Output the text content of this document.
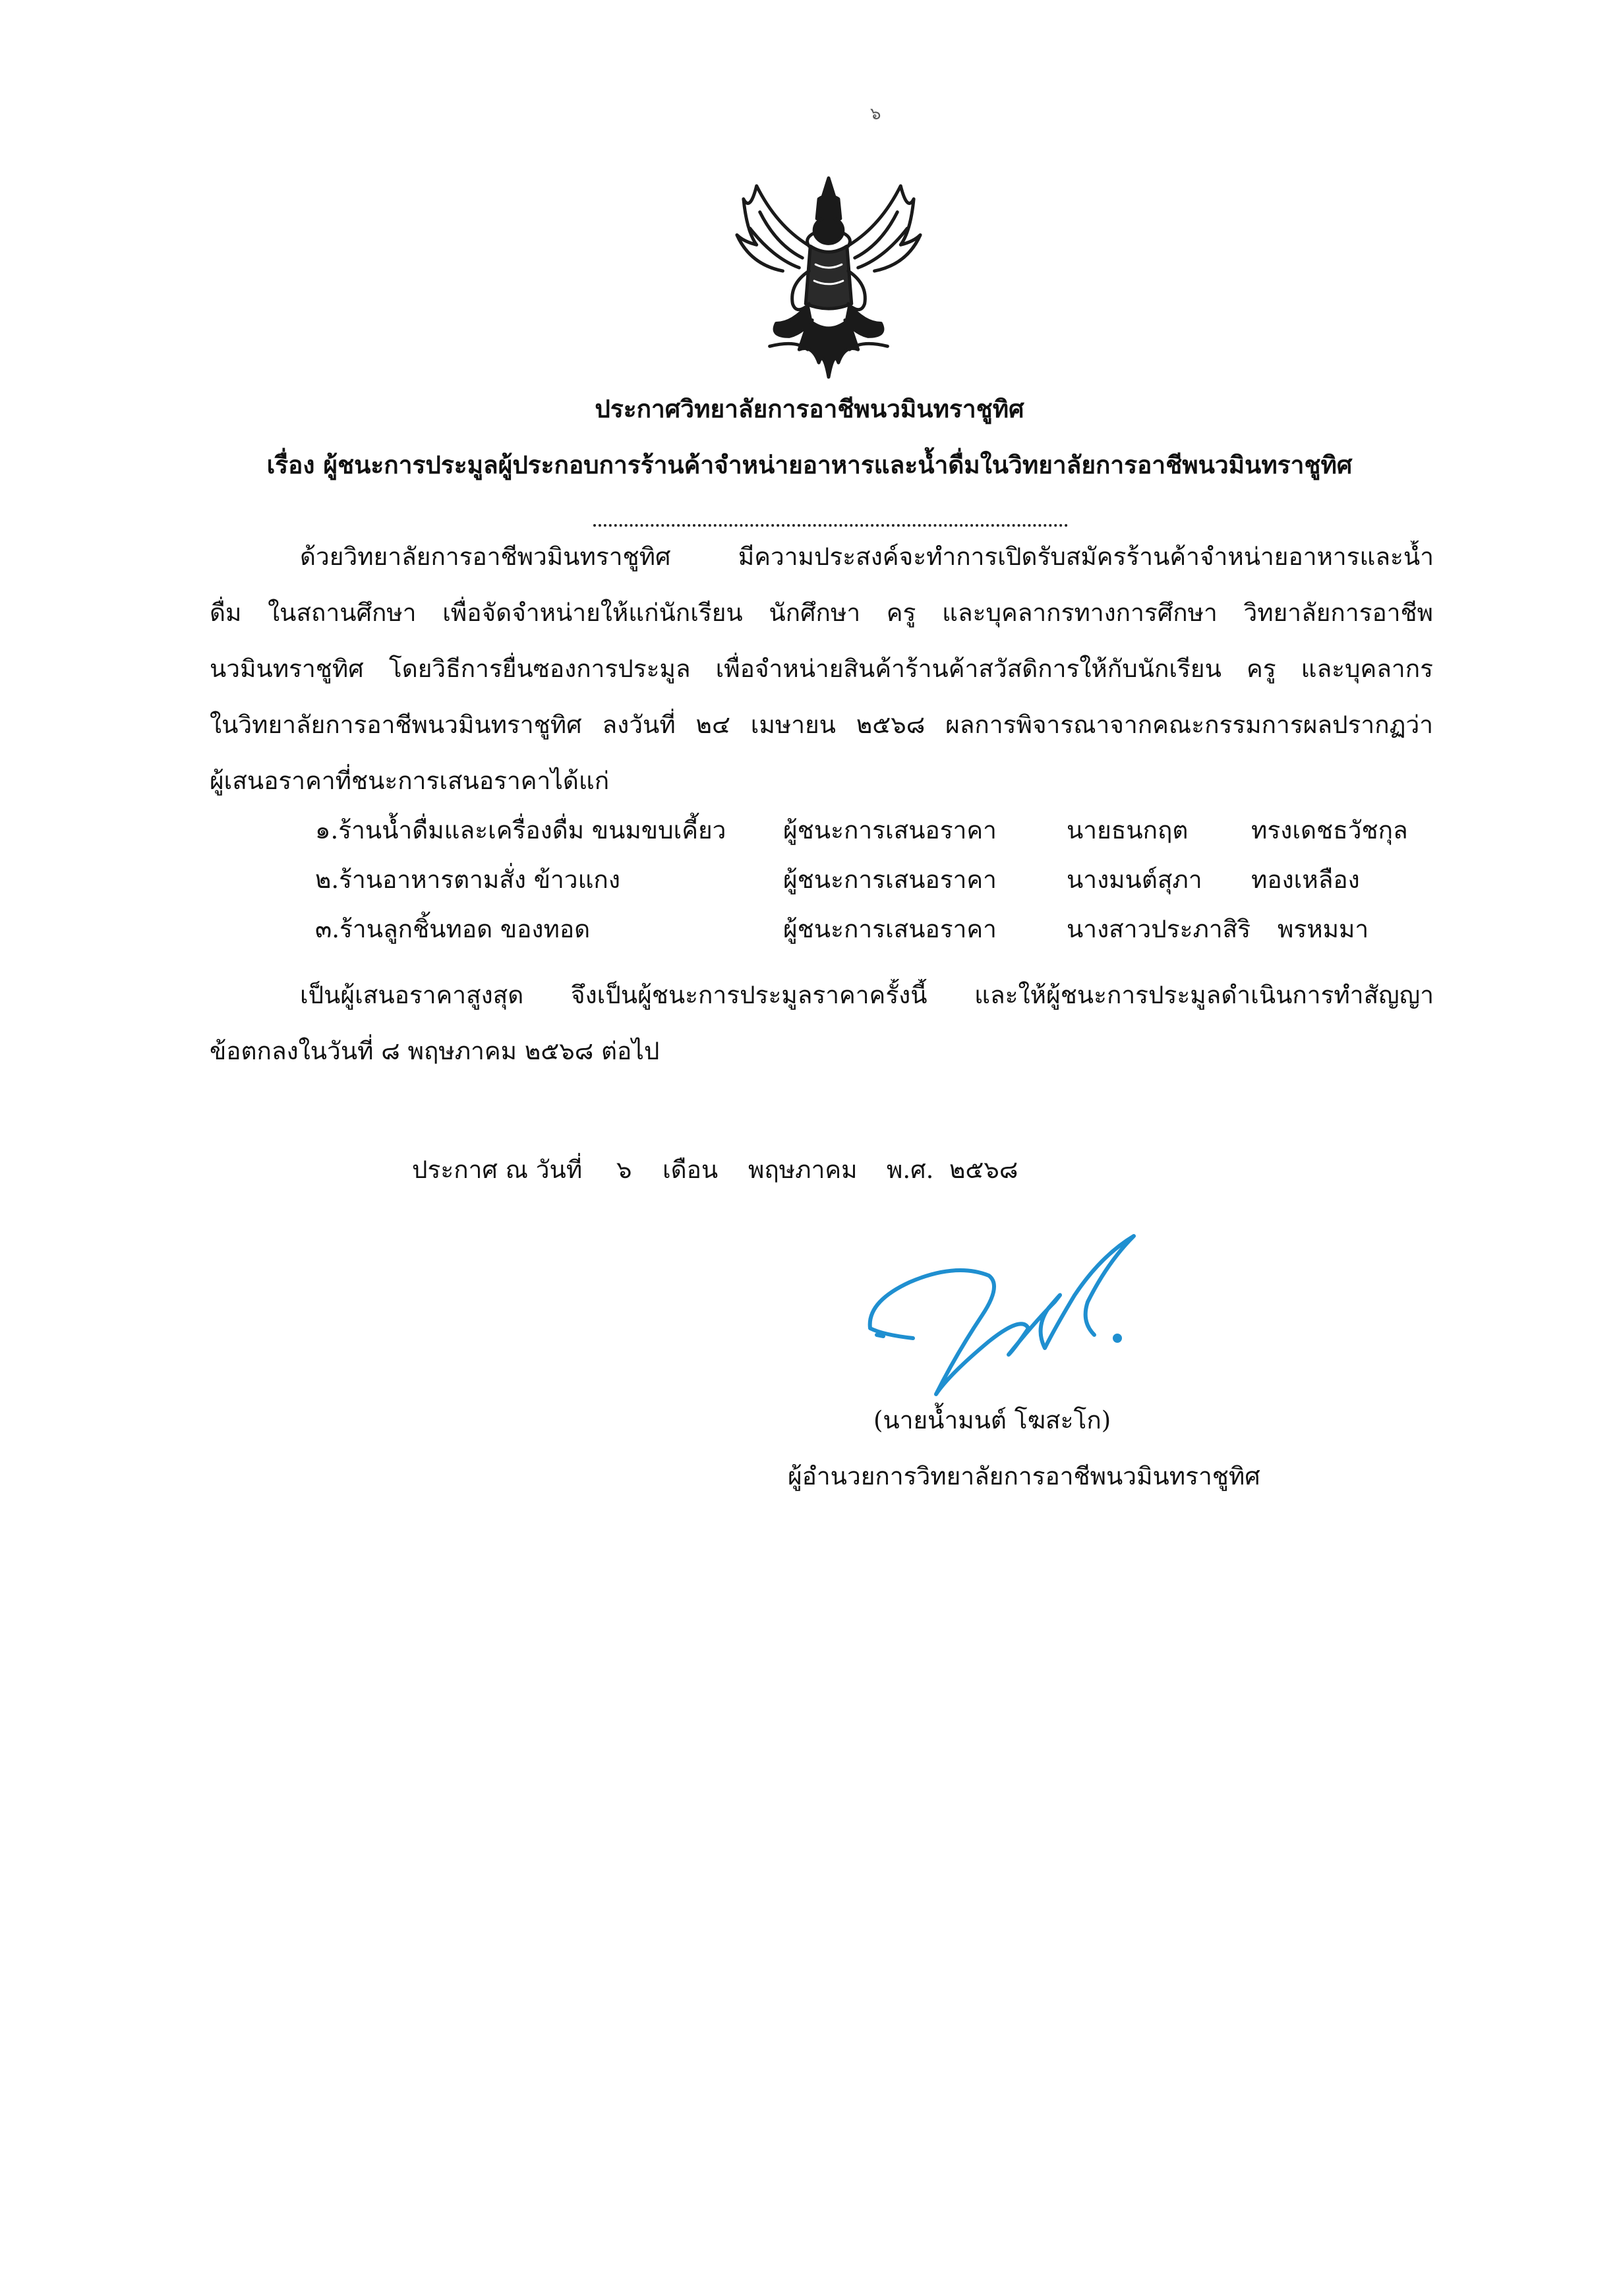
๖
ประกาศวิทยาลัยการอาชีพนวมินทราชูทิศ
เรื่อง ผู้ชนะการประมูลผู้ประกอบการร้านค้าจำหน่ายอาหารและน้ำดื่มในวิทยาลัยการอาชีพนวมินทราชูทิศ
ด้วยวิทยาลัยการอาชีพวมินทราชูทิศ มีความประสงค์จะทำการเปิดรับสมัครร้านค้าจำหน่ายอาหารและน้ำ
ดื่ม ในสถานศึกษา เพื่อจัดจำหน่ายให้แก่นักเรียน นักศึกษา ครู และบุคลากรทางการศึกษา วิทยาลัยการอาชีพ
นวมินทราชูทิศ โดยวิธีการยื่นซองการประมูล เพื่อจำหน่ายสินค้าร้านค้าสวัสดิการให้กับนักเรียน ครู และบุคลากร
ในวิทยาลัยการอาชีพนวมินทราชูทิศ ลงวันที่ ๒๔ เมษายน ๒๕๖๘ ผลการพิจารณาจากคณะกรรมการผลปรากฏว่า
ผู้เสนอราคาที่ชนะการเสนอราคาได้แก่
๑.ร้านน้ำดื่มและเครื่องดื่ม ขนมขบเคี้ยว ผู้ชนะการเสนอราคา	นายธนกฤต	ทรงเดชธวัชกุล
๒.ร้านอาหารตามสั่ง ข้าวแกง	ผู้ชนะการเสนอราคา	นางมนต์สุภา ทองเหลือง
๓.ร้านลูกชิ้นทอด ของทอด	ผู้ชนะการเสนอราคา	นางสาวประภาสิริ พรหมมา
เป็นผู้เสนอราคาสูงสุด จึงเป็นผู้ชนะการประมูลราคาครั้งนี้ และให้ผู้ชนะการประมูลดำเนินการทำสัญญา
ข้อตกลงในวันที่ ๘ พฤษภาคม ๒๕๖๘ ต่อไป
ประกาศ ณ วันที่ ๖ เดือน พฤษภาคม พ.ศ. ๒๕๖๘
(นายน้ำมนต์ โฆสะโก)
ผู้อำนวยการวิทยาลัยการอาชีพนวมินทราชูทิศ
